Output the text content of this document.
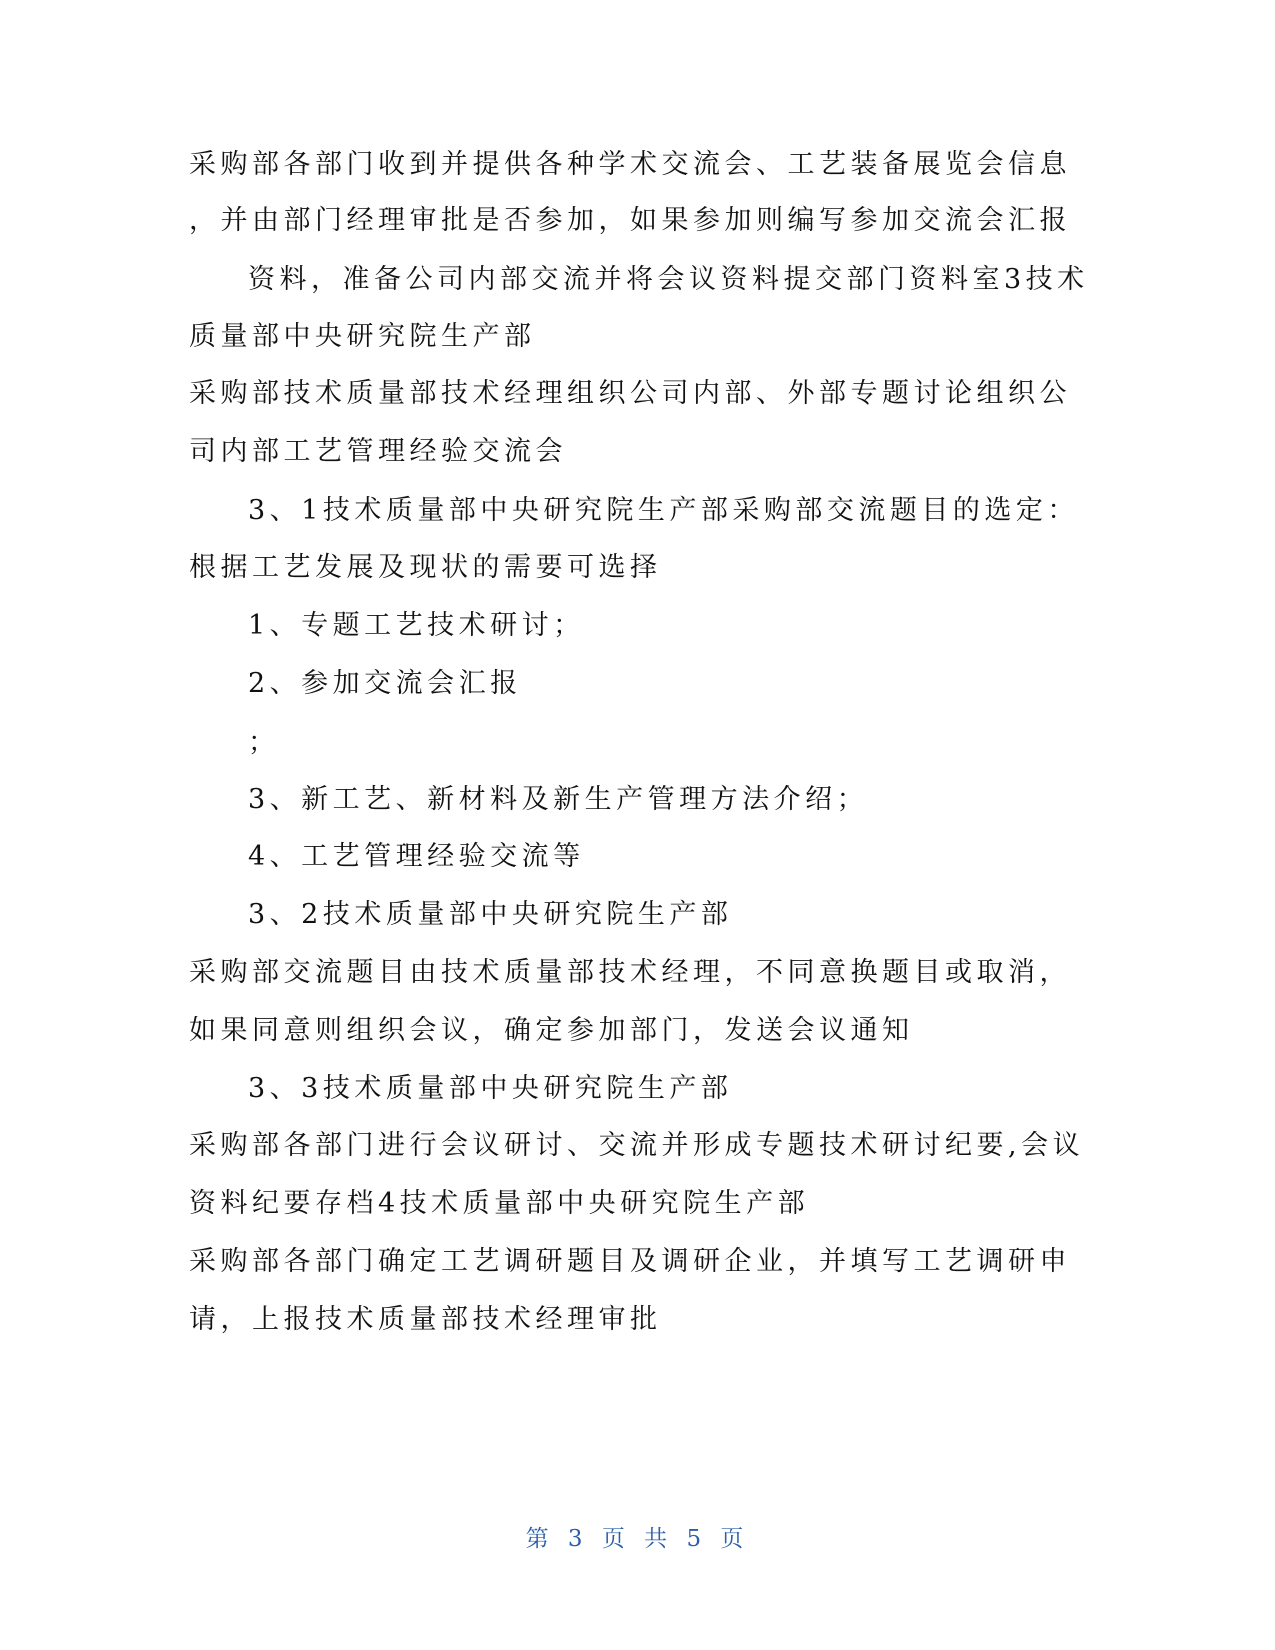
采购部各部门收到并提供各种学术交流会、工艺装备展览会信息
，并由部门经理审批是否参加，如果参加则编写参加交流会汇报
资料，准备公司内部交流并将会议资料提交部门资料室3技术
质量部中央研究院生产部
采购部技术质量部技术经理组织公司内部、外部专题讨论组织公
司内部工艺管理经验交流会
3、1技术质量部中央研究院生产部采购部交流题目的选定：
根据工艺发展及现状的需要可选择
1、专题工艺技术研讨；
2、参加交流会汇报
；
3、新工艺、新材料及新生产管理方法介绍；
4、工艺管理经验交流等
3、2技术质量部中央研究院生产部
采购部交流题目由技术质量部技术经理，不同意换题目或取消，
如果同意则组织会议，确定参加部门，发送会议通知
3、3技术质量部中央研究院生产部
采购部各部门进行会议研讨、交流并形成专题技术研讨纪要,会议
资料纪要存档4技术质量部中央研究院生产部
采购部各部门确定工艺调研题目及调研企业，并填写工艺调研申
请，上报技术质量部技术经理审批
第 3 页 共 5 页
